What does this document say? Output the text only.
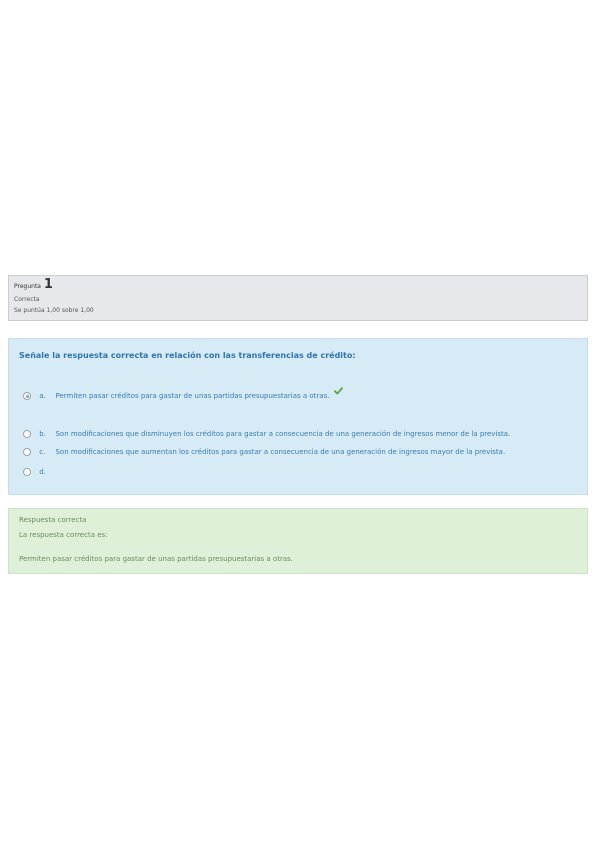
Pregunta 1
Correcta
Se puntúa 1,00 sobre 1,00
Señale la respuesta correcta en relación con las transferencias de crédito:
a. Permiten pasar créditos para gastar de unas partidas presupuestarias a otras.
b. Son modificaciones que disminuyen los créditos para gastar a consecuencia de una generación de ingresos menor de la prevista.
c. Son modificaciones que aumentan los créditos para gastar a consecuencia de una generación de ingresos mayor de la prevista.
d.
Respuesta correcta
La respuesta correcta es:
Permiten pasar créditos para gastar de unas partidas presupuestarias a otras.
